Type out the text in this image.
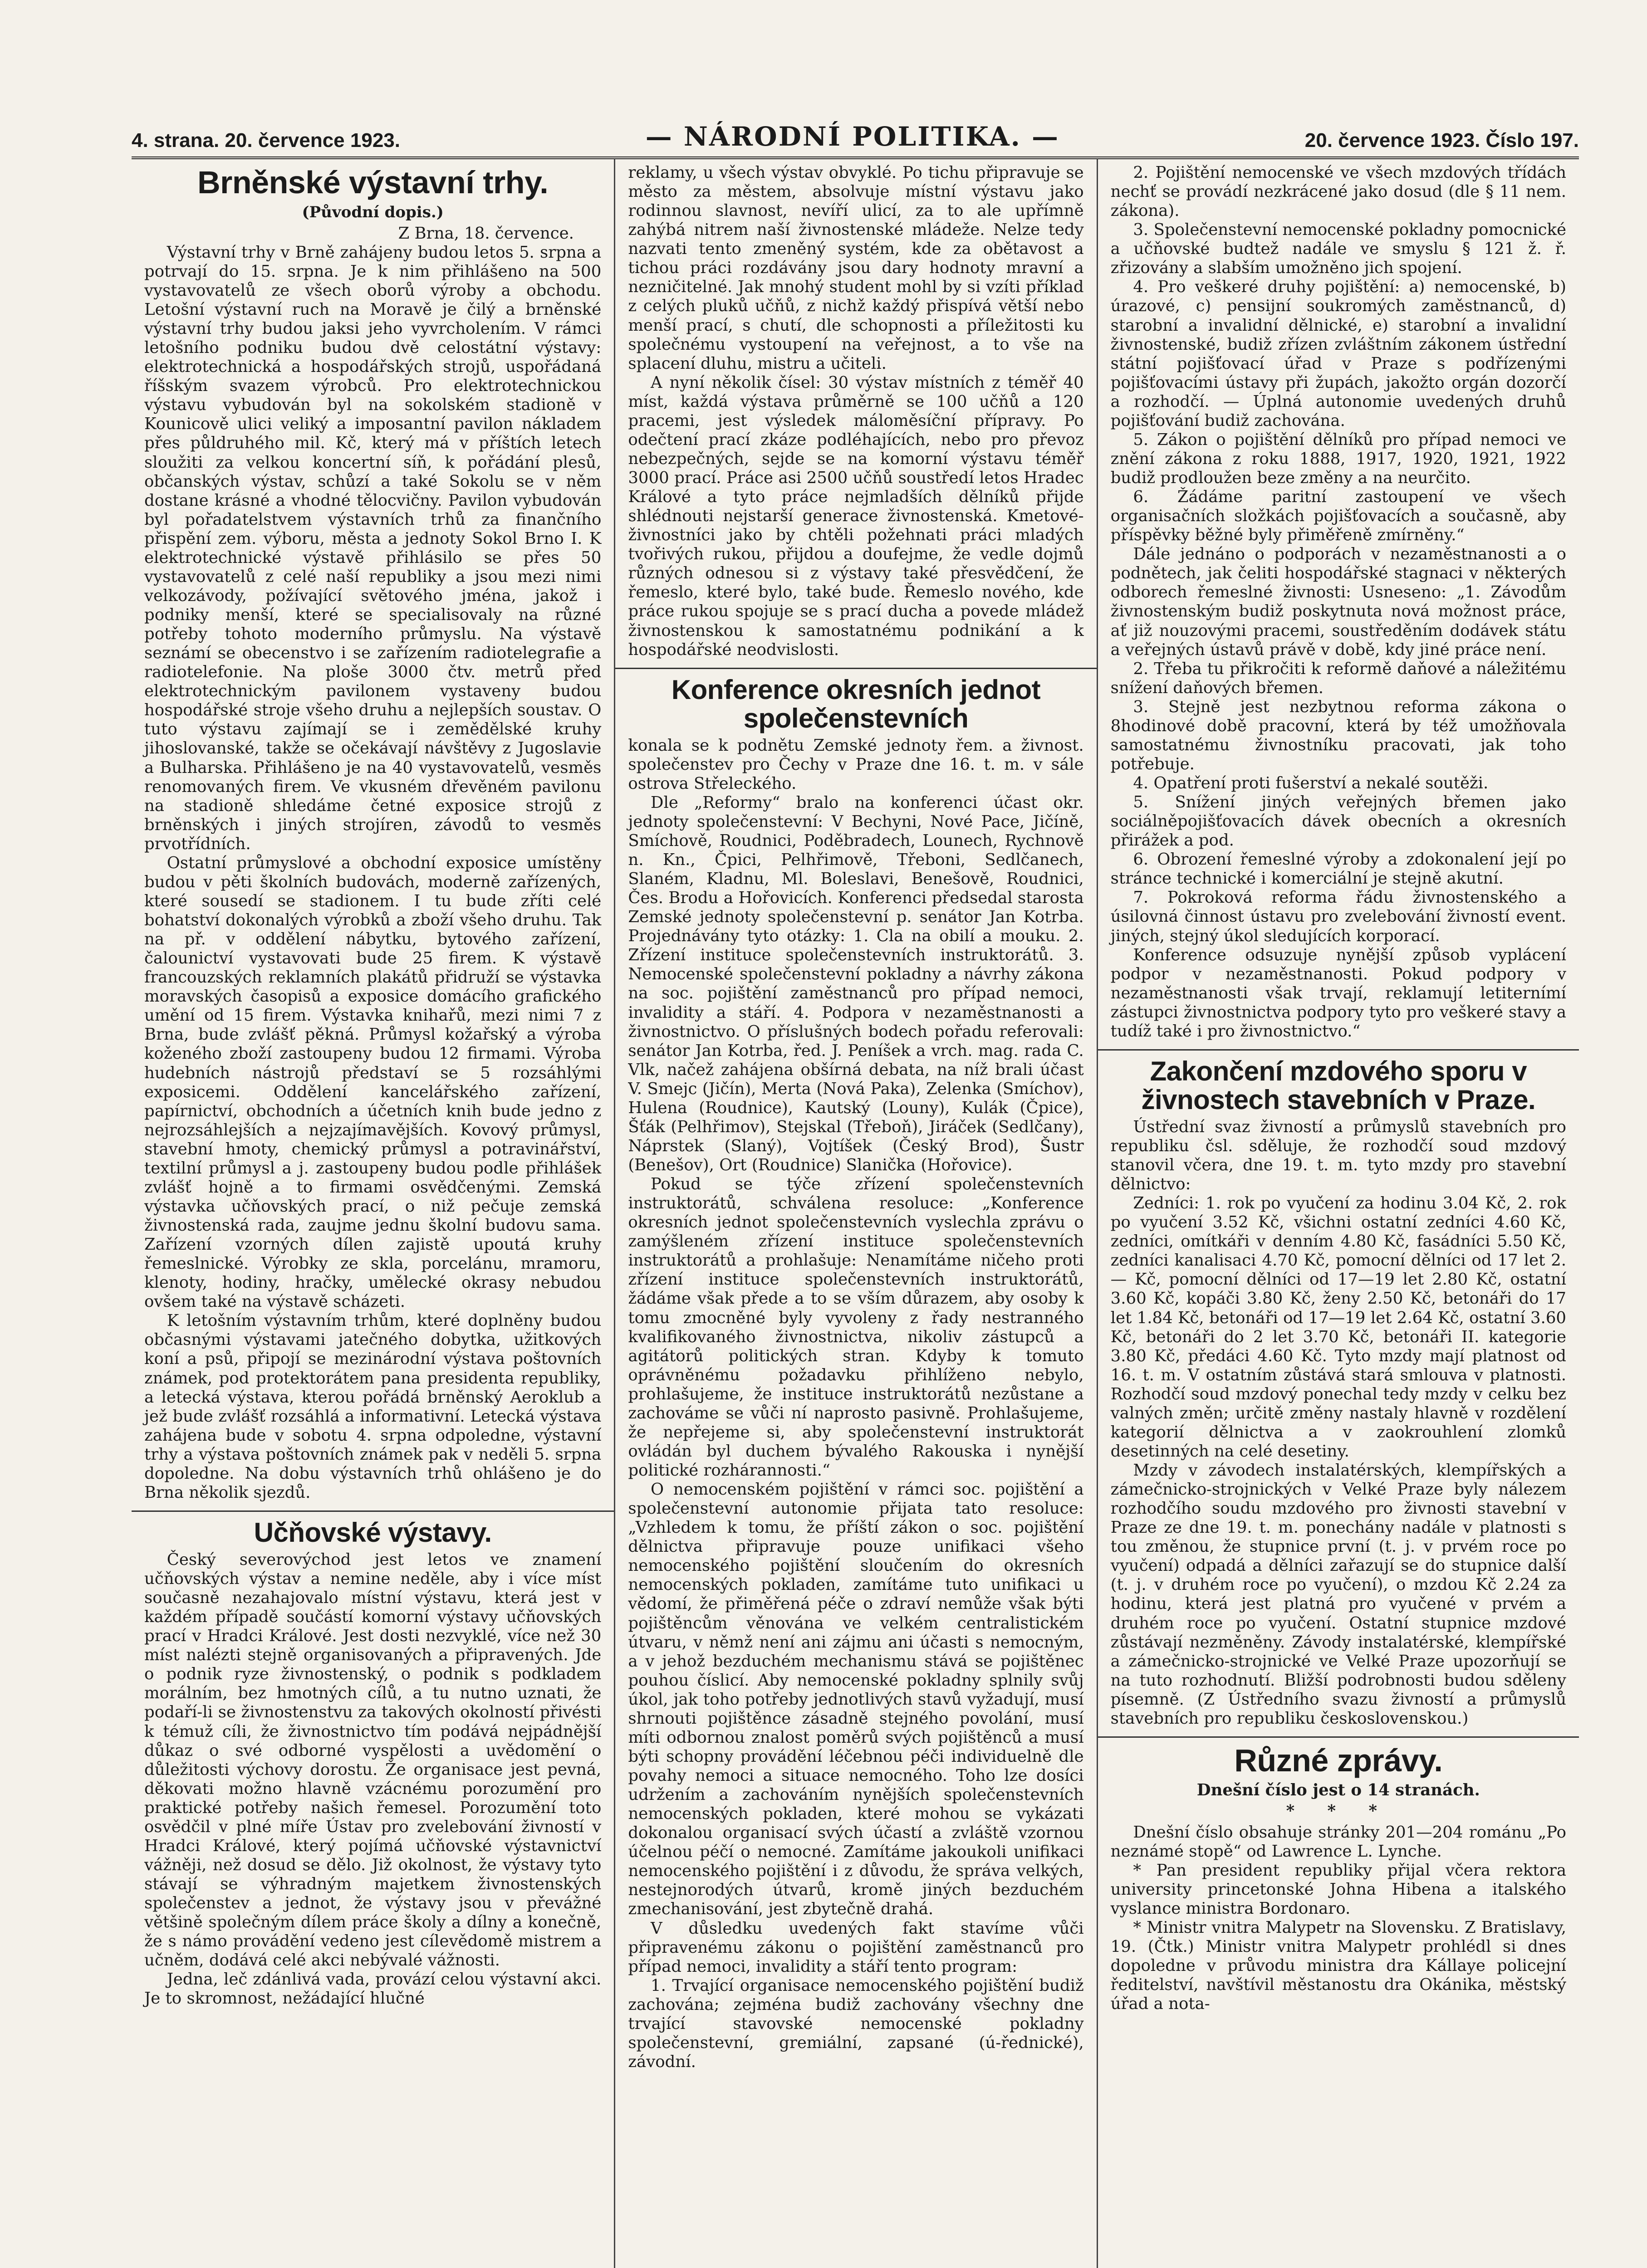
4. strana. 20. července 1923.	— NÁRODNÍ POLITIKA. —	20. července 1923. Číslo 197.
Brněnské výstavní trhy.
(Původní dopis.)

Z Brna, 18. července.

Výstavní trhy v Brně zahájeny budou letos 5. srpna a potrvají do 15. srpna. Je k nim přihlášeno na 500 vystavovatelů ze všech oborů výroby a obchodu. Letošní výstavní ruch na Moravě je čilý a brněnské výstavní trhy budou jaksi jeho vyvrcholením. V rámci letošního podniku budou dvě celostátní výstavy: elektrotechnická a hospodářských strojů, uspořádaná říšským svazem výrobců. Pro elektrotechnickou výstavu vybudován byl na sokolském stadioně v Kounicově ulici veliký a imposantní pavilon nákladem přes půldruhého mil. Kč, který má v příštích letech sloužiti za velkou koncertní síň, k pořádání plesů, občanských výstav, schůzí a také Sokolu se v něm dostane krásné a vhodné tělocvičny. Pavilon vybudován byl pořadatelstvem výstavních trhů za finančního přispění zem. výboru, města a jednoty Sokol Brno I. K elektrotechnické výstavě přihlásilo se přes 50 vystavovatelů z celé naší republiky a jsou mezi nimi velkozávody, požívající světového jména, jakož i podniky menší, které se specialisovaly na různé potřeby tohoto moderního průmyslu. Na výstavě seznámí se obecenstvo i se zařízením radiotelegrafie a radiotelefonie. Na ploše 3000 čtv. metrů před elektrotechnickým pavilonem vystaveny budou hospodářské stroje všeho druhu a nejlepších soustav. O tuto výstavu zajímají se i zemědělské kruhy jihoslovanské, takže se očekávají návštěvy z Jugoslavie a Bulharska. Přihlášeno je na 40 vystavovatelů, vesměs renomovaných firem. Ve vkusném dřevěném pavilonu na stadioně shledáme četné exposice strojů z brněnských i jiných strojíren, závodů to vesměs prvotřídních.

Ostatní průmyslové a obchodní exposice umístěny budou v pěti školních budovách, moderně zařízených, které sousedí se stadionem. I tu bude zříti celé bohatství dokonalých výrobků a zboží všeho druhu. Tak na př. v oddělení nábytku, bytového zařízení, čalounictví vystavovati bude 25 firem. K výstavě francouzských reklamních plakátů přidruží se výstavka moravských časopisů a exposice domácího grafického umění od 15 firem. Výstavka knihařů, mezi nimi 7 z Brna, bude zvlášť pěkná. Průmysl kožařský a výroba koženého zboží zastoupeny budou 12 firmami. Výroba hudebních nástrojů představí se 5 rozsáhlými exposicemi. Oddělení kancelářského zařízení, papírnictví, obchodních a účetních knih bude jedno z nejrozsáhlejších a nejzajímavějších. Kovový průmysl, stavební hmoty, chemický průmysl a potravinářství, textilní průmysl a j. zastoupeny budou podle přihlášek zvlášť hojně a to firmami osvědčenými. Zemská výstavka učňovských prací, o niž pečuje zemská živnostenská rada, zaujme jednu školní budovu sama. Zařízení vzorných dílen zajistě upoutá kruhy řemeslnické. Výrobky ze skla, porcelánu, mramoru, klenoty, hodiny, hračky, umělecké okrasy nebudou ovšem také na výstavě scházeti.

K letošním výstavním trhům, které doplněny budou občasnými výstavami jatečného dobytka, užitkových koní a psů, připojí se mezinárodní výstava poštovních známek, pod protektorátem pana presidenta republiky, a letecká výstava, kterou pořádá brněnský Aeroklub a jež bude zvlášť rozsáhlá a informativní. Letecká výstava zahájena bude v sobotu 4. srpna odpoledne, výstavní trhy a výstava poštovních známek pak v neděli 5. srpna dopoledne. Na dobu výstavních trhů ohlášeno je do Brna několik sjezdů.

Učňovské výstavy.

Český severovýchod jest letos ve znamení učňovských výstav a nemine neděle, aby i více míst současně nezahajovalo místní výstavu, která jest v každém případě součástí komorní výstavy učňovských prací v Hradci Králové. Jest dosti nezvyklé, více než 30 míst nalézti stejně organisovaných a připravených. Jde o podnik ryze živnostenský, o podnik s podkladem morálním, bez hmotných cílů, a tu nutno uznati, že podaří-li se živnostenstvu za takových okolností přivésti k témuž cíli, že živnostnictvo tím podává nejpádnější důkaz o své odborné vyspělosti a uvědomění o důležitosti výchovy dorostu. Že organisace jest pevná, děkovati možno hlavně vzácnému porozumění pro praktické potřeby našich řemesel. Porozumění toto osvědčil v plné míře Ústav pro zvelebování živností v Hradci Králové, který pojímá učňovské výstavnictví vážněji, než dosud se dělo. Již okolnost, že výstavy tyto stávají se výhradným majetkem živnostenských společenstev a jednot, že výstavy jsou v převážné většině společným dílem práce školy a dílny a konečně, že s námo provádění vedeno jest cílevědomě mistrem a učněm, dodává celé akci nebývalé vážnosti.

Jedna, leč zdánlivá vada, provází celou výstavní akci. Je to skromnost, nežádající hlučné

reklamy, u všech výstav obvyklé. Po tichu připravuje se město za městem, absolvuje místní výstavu jako rodinnou slavnost, nevíří ulicí, za to ale upřímně zahýbá nitrem naší živnostenské mládeže. Nelze tedy nazvati tento zmeněný systém, kde za obětavost a tichou práci rozdávány jsou dary hodnoty mravní a nezničitelné. Jak mnohý student mohl by si vzíti příklad z celých pluků učňů, z nichž každý přispívá větší nebo menší prací, s chutí, dle schopnosti a příležitosti ku společnému vystoupení na veřejnost, a to vše na splacení dluhu, mistru a učiteli.

A nyní několik čísel: 30 výstav místních z téměř 40 míst, každá výstava průměrně se 100 učňů a 120 pracemi, jest výsledek máloměsíční přípravy. Po odečtení prací zkáze podléhajících, nebo pro převoz nebezpečných, sejde se na komorní výstavu téměř 3000 prací. Práce asi 2500 učňů soustředí letos Hradec Králové a tyto práce nejmladších dělníků přijde shlédnouti nejstarší generace živnostenská. Kmetové-živnostníci jako by chtěli požehnati práci mladých tvořivých rukou, přijdou a doufejme, že vedle dojmů různých odnesou si z výstavy také přesvědčení, že řemeslo, které bylo, také bude. Řemeslo nového, kde práce rukou spojuje se s prací ducha a povede mládež živnostenskou k samostatnému podnikání a k hospodářské neodvislosti.

Konference okresních jednot společenstevních

konala se k podnětu Zemské jednoty řem. a živnost. společenstev pro Čechy v Praze dne 16. t. m. v sále ostrova Střeleckého.

Dle „Reformy“ bralo na konferenci účast okr. jednoty společenstevní: V Bechyni, Nové Pace, Jičíně, Smíchově, Roudnici, Poděbradech, Lounech, Rychnově n. Kn., Čpici, Pelhřimově, Třeboni, Sedlčanech, Slaném, Kladnu, Ml. Boleslavi, Benešově, Roudnici, Čes. Brodu a Hořovicích. Konferenci předsedal starosta Zemské jednoty společenstevní p. senátor Jan Kotrba. Projednávány tyto otázky: 1. Cla na obilí a mouku. 2. Zřízení instituce společenstevních instruktorátů. 3. Nemocenské společenstevní pokladny a návrhy zákona na soc. pojištění zaměstnanců pro případ nemoci, invalidity a stáří. 4. Podpora v nezaměstnanosti a živnostnictvo. O příslušných bodech pořadu referovali: senátor Jan Kotrba, řed. J. Peníšek a vrch. mag. rada C. Vlk, načež zahájena obšírná debata, na níž brali účast V. Smejc (Jičín), Merta (Nová Paka), Zelenka (Smíchov), Hulena (Roudnice), Kautský (Louny), Kulák (Čpice), Šťák (Pelhřimov), Stejskal (Třeboň), Jiráček (Sedlčany), Náprstek (Slaný), Vojtíšek (Český Brod), Šustr (Benešov), Ort (Roudnice) Slanička (Hořovice).

Pokud se týče zřízení společenstevních instruktorátů, schválena resoluce: „Konference okresních jednot společenstevních vyslechla zprávu o zamýšleném zřízení instituce společenstevních instruktorátů a prohlašuje: Nenamítáme ničeho proti zřízení instituce společenstevních instruktorátů, žádáme však přede a to se vším důrazem, aby osoby k tomu zmocněné byly vyvoleny z řady nestranného kvalifikovaného živnostnictva, nikoliv zástupců a agitátorů politických stran. Kdyby k tomuto oprávněnému požadavku přihlíženo nebylo, prohlašujeme, že instituce instruktorátů nezůstane a zachováme se vůči ní naprosto pasivně. Prohlašujeme, že nepřejeme si, aby společenstevní instruktorát ovládán byl duchem bývalého Rakouska i nynější politické rozhárannosti.“

O nemocenském pojištění v rámci soc. pojištění a společenstevní autonomie přijata tato resoluce: „Vzhledem k tomu, že příští zákon o soc. pojištění dělnictva připravuje pouze unifikaci všeho nemocenského pojištění sloučením do okresních nemocenských pokladen, zamítáme tuto unifikaci u vědomí, že přiměřená péče o zdraví nemůže však býti pojištěncům věnována ve velkém centralistickém útvaru, v němž není ani zájmu ani účasti s nemocným, a v jehož bezduchém mechanismu stává se pojištěnec pouhou číslicí. Aby nemocenské pokladny splnily svůj úkol, jak toho potřeby jednotlivých stavů vyžadují, musí shrnouti pojištěnce zásadně stejného povolání, musí míti odbornou znalost poměrů svých pojištěnců a musí býti schopny provádění léčebnou péči individuelně dle povahy nemoci a situace nemocného. Toho lze dosíci udržením a zachováním nynějších společenstevních nemocenských pokladen, které mohou se vykázati dokonalou organisací svých účastí a zvláště vzornou účelnou péčí o nemocné. Zamítáme jakoukoli unifikaci nemocenského pojištění i z důvodu, že správa velkých, nestejnorodých útvarů, kromě jiných bezduchém zmechanisování, jest zbytečně drahá.

V důsledku uvedených fakt stavíme vůči připravenému zákonu o pojištění zaměstnanců pro případ nemoci, invalidity a stáří tento program:

1. Trvající organisace nemocenského pojištění budiž zachována; zejména budiž zachovány všechny dne trvající stavovské nemocenské pokladny společenstevní, gremiální, zapsané (ú-řednické), závodní.

2. Pojištění nemocenské ve všech mzdových třídách nechť se provádí nezkrácené jako dosud (dle § 11 nem. zákona).

3. Společenstevní nemocenské pokladny pomocnické a učňovské budtež nadále ve smyslu § 121 ž. ř. zřizovány a slabším umožněno jich spojení.

4. Pro veškeré druhy pojištění: a) nemocenské, b) úrazové, c) pensijní soukromých zaměstnanců, d) starobní a invalidní dělnické, e) starobní a invalidní živnostenské, budiž zřízen zvláštním zákonem ústřední státní pojišťovací úřad v Praze s podřízenými pojišťovacími ústavy při župách, jakožto orgán dozorčí a rozhodčí. — Úplná autonomie uvedených druhů pojišťování budiž zachována.

5. Zákon o pojištění dělníků pro případ nemoci ve znění zákona z roku 1888, 1917, 1920, 1921, 1922 budiž prodloužen beze změny a na neurčito.

6. Žádáme paritní zastoupení ve všech organisačních složkách pojišťovacích a současně, aby příspěvky běžné byly přiměřeně zmírněny.“

Dále jednáno o podporách v nezaměstnanosti a o podnětech, jak čeliti hospodářské stagnaci v některých odborech řemeslné živnosti: Usneseno: „1. Závodům živnostenským budiž poskytnuta nová možnost práce, ať již nouzovými pracemi, soustředěním dodávek státu a veřejných ústavů právě v době, kdy jiné práce není.

2. Třeba tu přikročiti k reformě daňové a náležitému snížení daňových břemen.

3. Stejně jest nezbytnou reforma zákona o 8hodinové době pracovní, která by též umožňovala samostatnému živnostníku pracovati, jak toho potřebuje.

4. Opatření proti fušerství a nekalé soutěži.

5. Snížení jiných veřejných břemen jako sociálněpojišťovacích dávek obecních a okresních přirážek a pod.

6. Obrození řemeslné výroby a zdokonalení její po stránce technické i komerciální je stejně akutní.

7. Pokroková reforma řádu živnostenského a úsilovná činnost ústavu pro zvelebování živností event. jiných, stejný úkol sledujících korporací.

Konference odsuzuje nynější způsob vyplácení podpor v nezaměstnanosti. Pokud podpory v nezaměstnanosti však trvají, reklamují letiternímí zástupci živnostnictva podpory tyto pro veškeré stavy a tudíž také i pro živnostnictvo.“

Zakončení mzdového sporu v živnostech stavebních v Praze.

Ústřední svaz živností a průmyslů stavebních pro republiku čsl. sděluje, že rozhodčí soud mzdový stanovil včera, dne 19. t. m. tyto mzdy pro stavební dělnictvo:

Zedníci: 1. rok po vyučení za hodinu 3.04 Kč, 2. rok po vyučení 3.52 Kč, všichni ostatní zedníci 4.60 Kč, zedníci, omítkáři v denním 4.80 Kč, fasádníci 5.50 Kč, zedníci kanalisaci 4.70 Kč, pomocní dělníci od 17 let 2.— Kč, pomocní dělníci od 17—19 let 2.80 Kč, ostatní 3.60 Kč, kopáči 3.80 Kč, ženy 2.50 Kč, betonáři do 17 let 1.84 Kč, betonáři od 17—19 let 2.64 Kč, ostatní 3.60 Kč, betonáři do 2 let 3.70 Kč, betonáři II. kategorie 3.80 Kč, předáci 4.60 Kč. Tyto mzdy mají platnost od 16. t. m. V ostatním zůstává stará smlouva v platnosti. Rozhodčí soud mzdový ponechal tedy mzdy v celku bez valných změn; určitě změny nastaly hlavně v rozdělení kategorií dělnictva a v zaokrouhlení zlomků desetinných na celé desetiny.

Mzdy v závodech instalatérských, klempířských a zámečnicko-strojnických v Velké Praze byly nálezem rozhodčího soudu mzdového pro živnosti stavební v Praze ze dne 19. t. m. ponechány nadále v platnosti s tou změnou, že stupnice první (t. j. v prvém roce po vyučení) odpadá a dělníci zařazují se do stupnice další (t. j. v druhém roce po vyučení), o mzdou Kč 2.24 za hodinu, která jest platná pro vyučené v prvém a druhém roce po vyučení. Ostatní stupnice mzdové zůstávají nezměněny. Závody instalatérské, klempířské a zámečnicko-strojnické ve Velké Praze upozorňují se na tuto rozhodnutí. Bližší podrobnosti budou sděleny písemně. (Z Ústředního svazu živností a průmyslů stavebních pro republiku československou.)

Různé zprávy.

Dnešní číslo jest o 14 stranách.

* * *

Dnešní číslo obsahuje stránky 201—204 románu „Po neznámé stopě“ od Lawrence L. Lynche.

* Pan president republiky přijal včera rektora university princetonské Johna Hibena a italského vyslance ministra Bordonaro.

* Ministr vnitra Malypetr na Slovensku. Z Bratislavy, 19. (Čtk.) Ministr vnitra Malypetr prohlédl si dnes dopoledne v průvodu ministra dra Kállaye policejní ředitelství, navštívil městanostu dra Okánika, městský úřad a nota-
